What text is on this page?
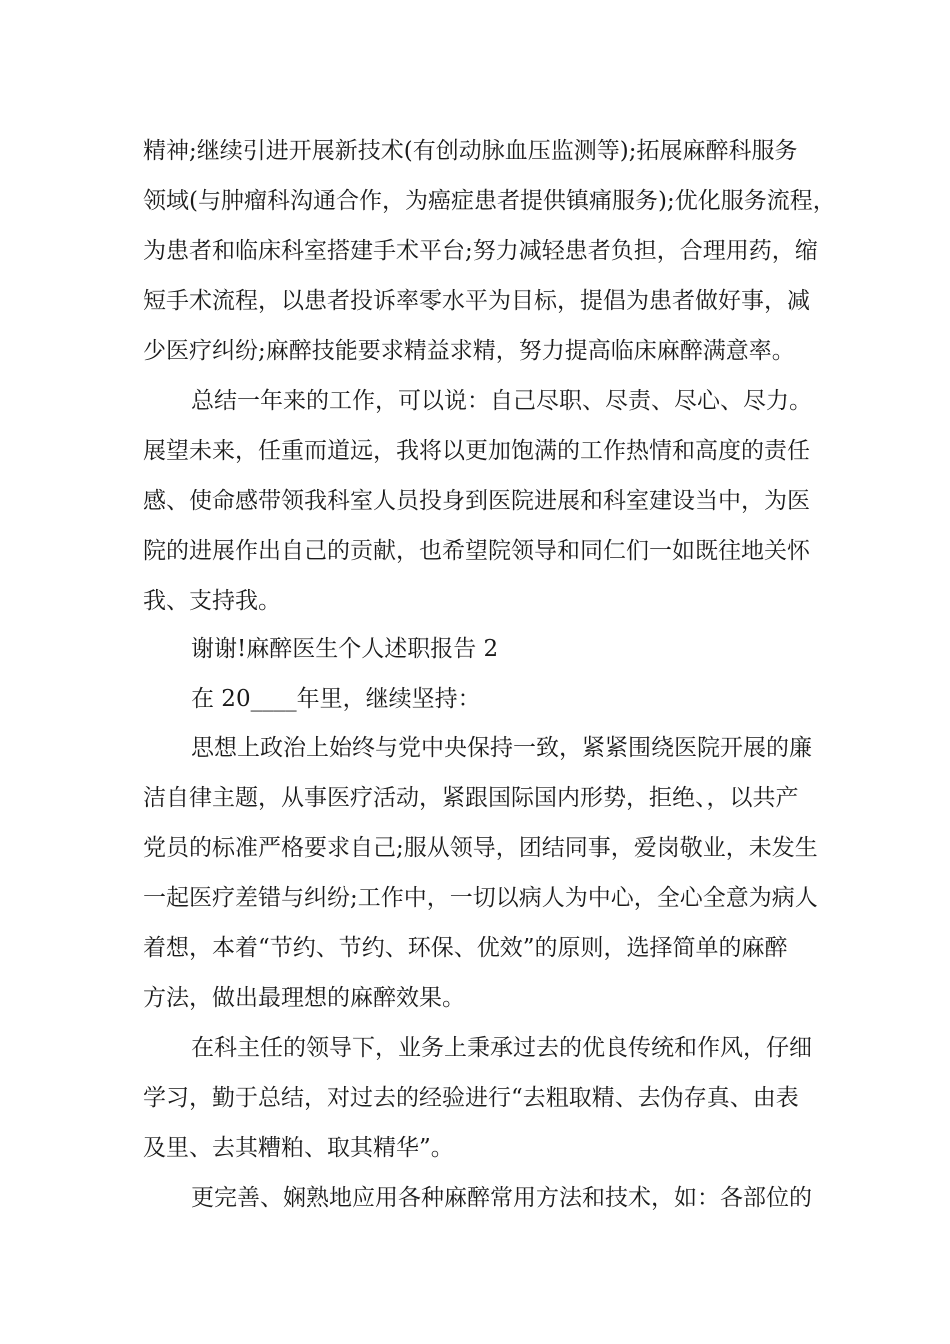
精神;继续引进开展新技术(有创动脉血压监测等);拓展麻醉科服务
领域(与肿瘤科沟通合作，为癌症患者提供镇痛服务);优化服务流程，
为患者和临床科室搭建手术平台;努力减轻患者负担，合理用药，缩
短手术流程，以患者投诉率零水平为目标，提倡为患者做好事，减
少医疗纠纷;麻醉技能要求精益求精，努力提高临床麻醉满意率。
总结一年来的工作，可以说：自己尽职、尽责、尽心、尽力。
展望未来，任重而道远，我将以更加饱满的工作热情和高度的责任
感、使命感带领我科室人员投身到医院进展和科室建设当中，为医
院的进展作出自己的贡献，也希望院领导和同仁们一如既往地关怀
我、支持我。
谢谢!麻醉医生个人述职报告 2
在 20____年里，继续坚持：
思想上政治上始终与党中央保持一致，紧紧围绕医院开展的廉
洁自律主题，从事医疗活动，紧跟国际国内形势，拒绝、，以共产
党员的标准严格要求自己;服从领导，团结同事，爱岗敬业，未发生
一起医疗差错与纠纷;工作中，一切以病人为中心，全心全意为病人
着想，本着“节约、节约、环保、优效”的原则，选择简单的麻醉
方法，做出最理想的麻醉效果。
在科主任的领导下，业务上秉承过去的优良传统和作风，仔细
学习，勤于总结，对过去的经验进行“去粗取精、去伪存真、由表
及里、去其糟粕、取其精华”。
更完善、娴熟地应用各种麻醉常用方法和技术，如：各部位的
